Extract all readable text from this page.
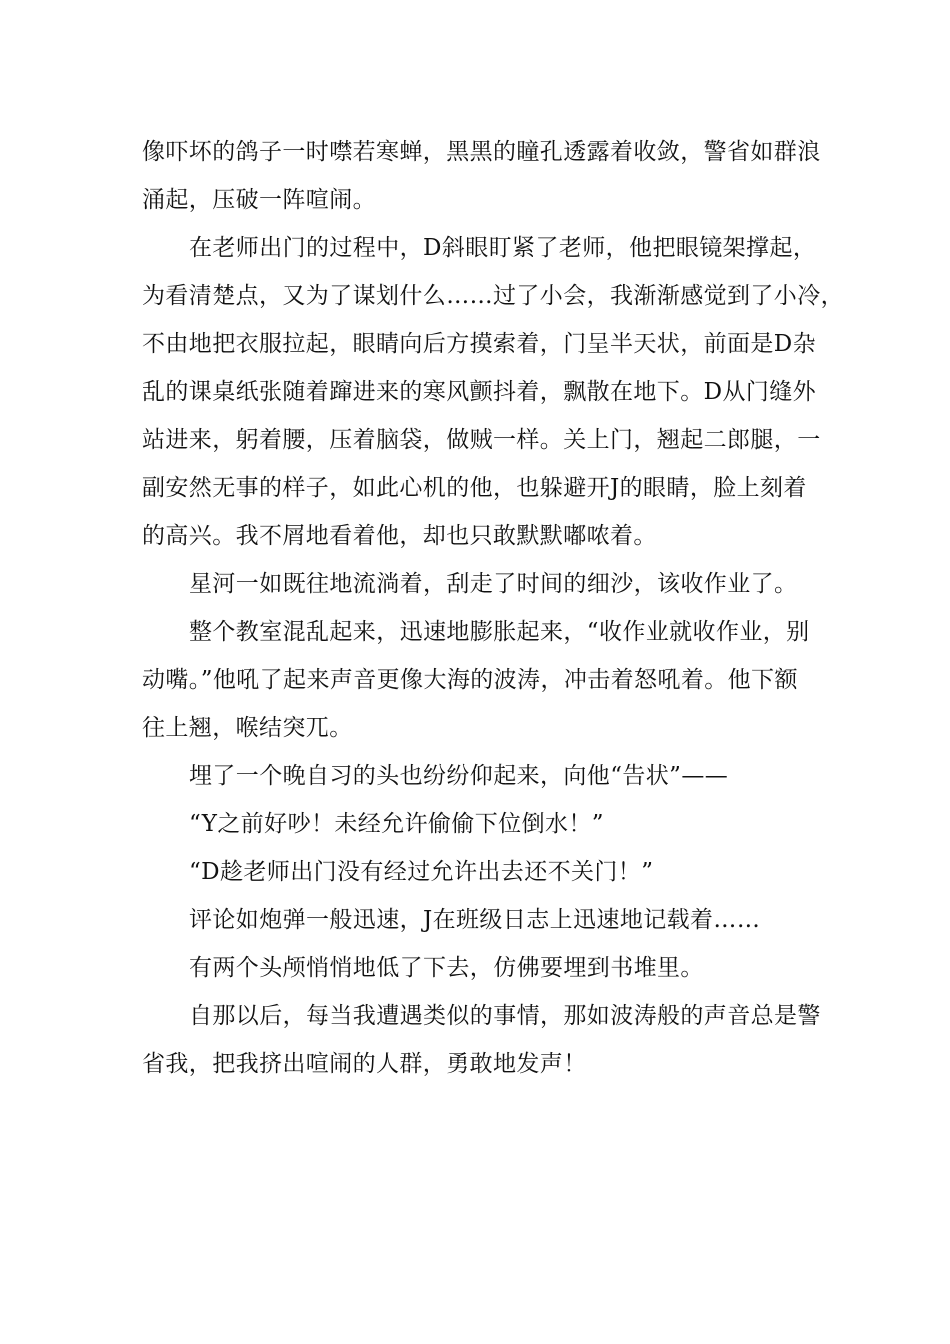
像吓坏的鸽子一时噤若寒蝉，黑黑的瞳孔透露着收敛，警省如群浪
涌起，压破一阵喧闹。
在老师出门的过程中，D斜眼盯紧了老师，他把眼镜架撑起，
为看清楚点，又为了谋划什么……过了小会，我渐渐感觉到了小冷，
不由地把衣服拉起，眼睛向后方摸索着，门呈半天状，前面是D杂
乱的课桌纸张随着蹿进来的寒风颤抖着，飘散在地下。D从门缝外
站进来，躬着腰，压着脑袋，做贼一样。关上门，翘起二郎腿，一
副安然无事的样子，如此心机的他，也躲避开J的眼睛，脸上刻着
的高兴。我不屑地看着他，却也只敢默默嘟哝着。
星河一如既往地流淌着，刮走了时间的细沙，该收作业了。
整个教室混乱起来，迅速地膨胀起来，“收作业就收作业，别
动嘴。”他吼了起来声音更像大海的波涛，冲击着怒吼着。他下额
往上翘，喉结突兀。
埋了一个晚自习的头也纷纷仰起来，向他“告状”——
“Y之前好吵！未经允许偷偷下位倒水！”
“D趁老师出门没有经过允许出去还不关门！”
评论如炮弹一般迅速，J在班级日志上迅速地记载着……
有两个头颅悄悄地低了下去，仿佛要埋到书堆里。
自那以后，每当我遭遇类似的事情，那如波涛般的声音总是警
省我，把我挤出喧闹的人群，勇敢地发声！
